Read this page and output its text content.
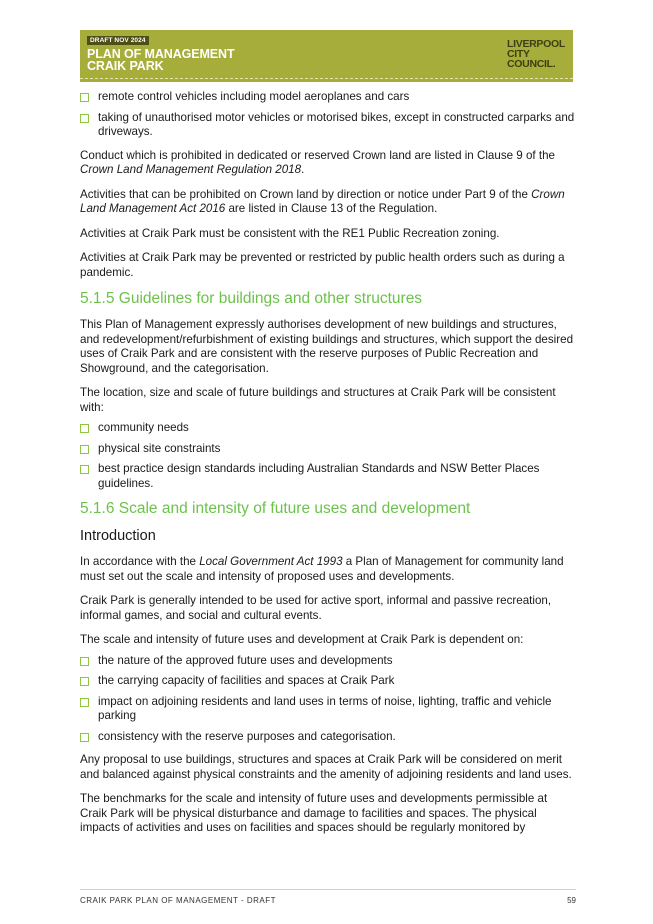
DRAFT NOV 2024
PLAN OF MANAGEMENT
CRAIK PARK
LIVERPOOL
CITY
COUNCIL.
remote control vehicles including model aeroplanes and cars
taking of unauthorised motor vehicles or motorised bikes, except in constructed carparks and driveways.

Conduct which is prohibited in dedicated or reserved Crown land are listed in Clause 9 of the Crown Land Management Regulation 2018.

Activities that can be prohibited on Crown land by direction or notice under Part 9 of the Crown Land Management Act 2016 are listed in Clause 13 of the Regulation.

Activities at Craik Park must be consistent with the RE1 Public Recreation zoning.

Activities at Craik Park may be prevented or restricted by public health orders such as during a pandemic.

5.1.5 Guidelines for buildings and other structures

This Plan of Management expressly authorises development of new buildings and structures, and redevelopment/refurbishment of existing buildings and structures, which support the desired uses of Craik Park and are consistent with the reserve purposes of Public Recreation and Showground, and the categorisation.

The location, size and scale of future buildings and structures at Craik Park will be consistent with:

community needs
physical site constraints
best practice design standards including Australian Standards and NSW Better Places guidelines.
5.1.6 Scale and intensity of future uses and development
Introduction

In accordance with the Local Government Act 1993 a Plan of Management for community land must set out the scale and intensity of proposed uses and developments.

Craik Park is generally intended to be used for active sport, informal and passive recreation, informal games, and social and cultural events.

The scale and intensity of future uses and development at Craik Park is dependent on:

the nature of the approved future uses and developments
the carrying capacity of facilities and spaces at Craik Park
impact on adjoining residents and land uses in terms of noise, lighting, traffic and vehicle parking
consistency with the reserve purposes and categorisation.

Any proposal to use buildings, structures and spaces at Craik Park will be considered on merit and balanced against physical constraints and the amenity of adjoining residents and land uses.

The benchmarks for the scale and intensity of future uses and developments permissible at Craik Park will be physical disturbance and damage to facilities and spaces. The physical impacts of activities and uses on facilities and spaces should be regularly monitored by

CRAIK PARK PLAN OF MANAGEMENT - DRAFT	59
